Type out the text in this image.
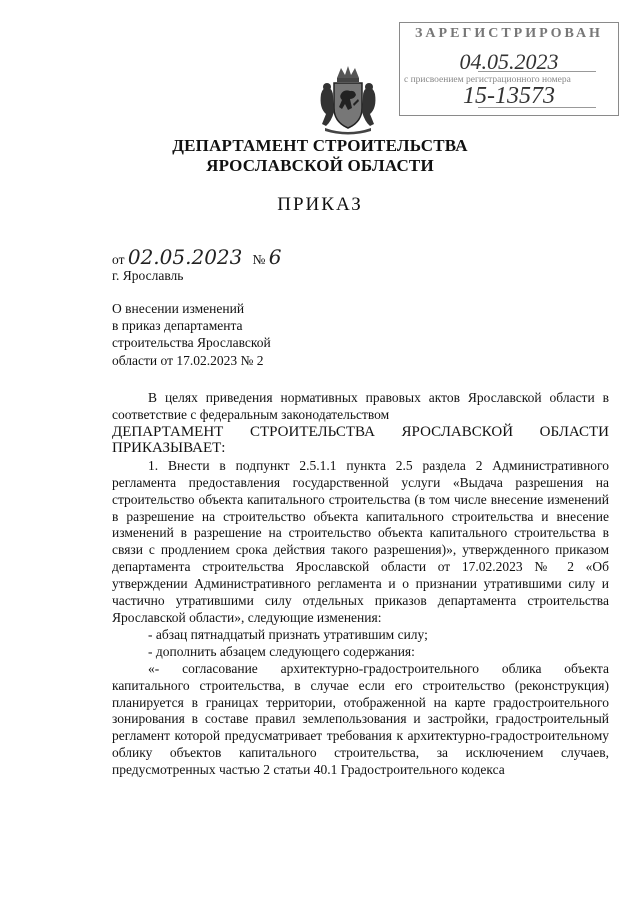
ЗАРЕГИСТРИРОВАН
04.05.2023
с присвоением регистрационного номера
15-13573
ДЕПАРТАМЕНТ СТРОИТЕЛЬСТВА
ЯРОСЛАВСКОЙ ОБЛАСТИ
ПРИКАЗ
от 02.05.2023 № 6
г. Ярославль
О внесении изменений
в приказ департамента
строительства Ярославской
области от 17.02.2023 № 2

В целях приведения нормативных правовых актов Ярославской области в соответствие с федеральным законодательством

ДЕПАРТАМЕНТ СТРОИТЕЛЬСТВА ЯРОСЛАВСКОЙ ОБЛАСТИ

ПРИКАЗЫВАЕТ:

1. Внести в подпункт 2.5.1.1 пункта 2.5 раздела 2 Административного регламента предоставления государственной услуги «Выдача разрешения на строительство объекта капитального строительства (в том числе внесение изменений в разрешение на строительство объекта капитального строительства и внесение изменений в разрешение на строительство объекта капитального строительства в связи с продлением срока действия такого разрешения)», утвержденного приказом департамента строительства Ярославской области от 17.02.2023 № 2 «Об утверждении Административного регламента и о признании утратившими силу и частично утратившими силу отдельных приказов департамента строительства Ярославской области», следующие изменения:

- абзац пятнадцатый признать утратившим силу;

- дополнить абзацем следующего содержания:

«- согласование архитектурно-градостроительного облика объекта капитального строительства, в случае если его строительство (реконструкция) планируется в границах территории, отображенной на карте градостроительного зонирования в составе правил землепользования и застройки, градостроительный регламент которой предусматривает требования к архитектурно-градостроительному облику объектов капитального строительства, за исключением случаев, предусмотренных частью 2 статьи 40.1 Градостроительного кодекса
